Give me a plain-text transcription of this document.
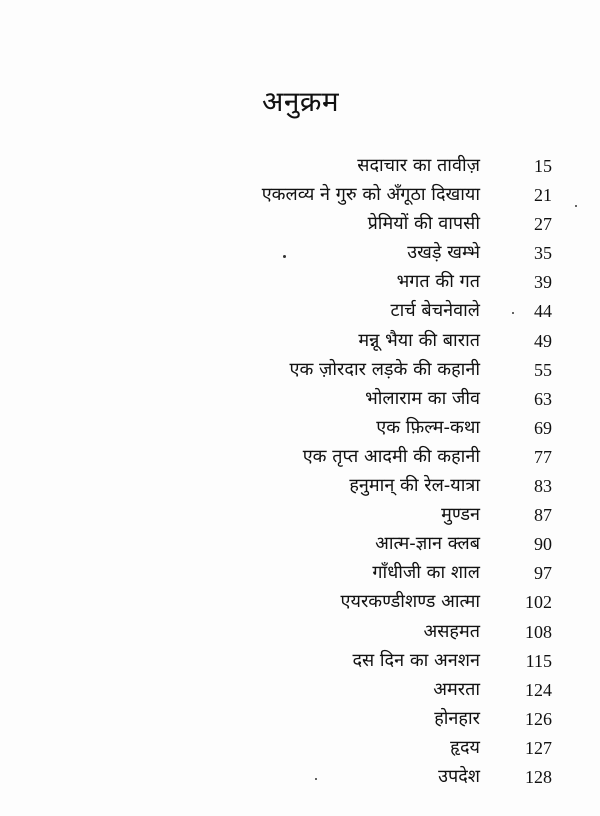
अनुक्रम
सदाचार का तावीज़	15
एकलव्य ने गुरु को अँगूठा दिखाया	21
प्रेमियों की वापसी	27
उखड़े खम्भे	35
भगत की गत	39
टार्च बेचनेवाले	44
मन्नू भैया की बारात	49
एक ज़ोरदार लड़के की कहानी	55
भोलाराम का जीव	63
एक फ़िल्म-कथा	69
एक तृप्त आदमी की कहानी	77
हनुमान् की रेल-यात्रा	83
मुण्डन	87
आत्म-ज्ञान क्लब	90
गाँधीजी का शाल	97
एयरकण्डीशण्ड आत्मा	102
असहमत	108
दस दिन का अनशन	115
अमरता	124
होनहार	126
हृदय	127
उपदेश	128
